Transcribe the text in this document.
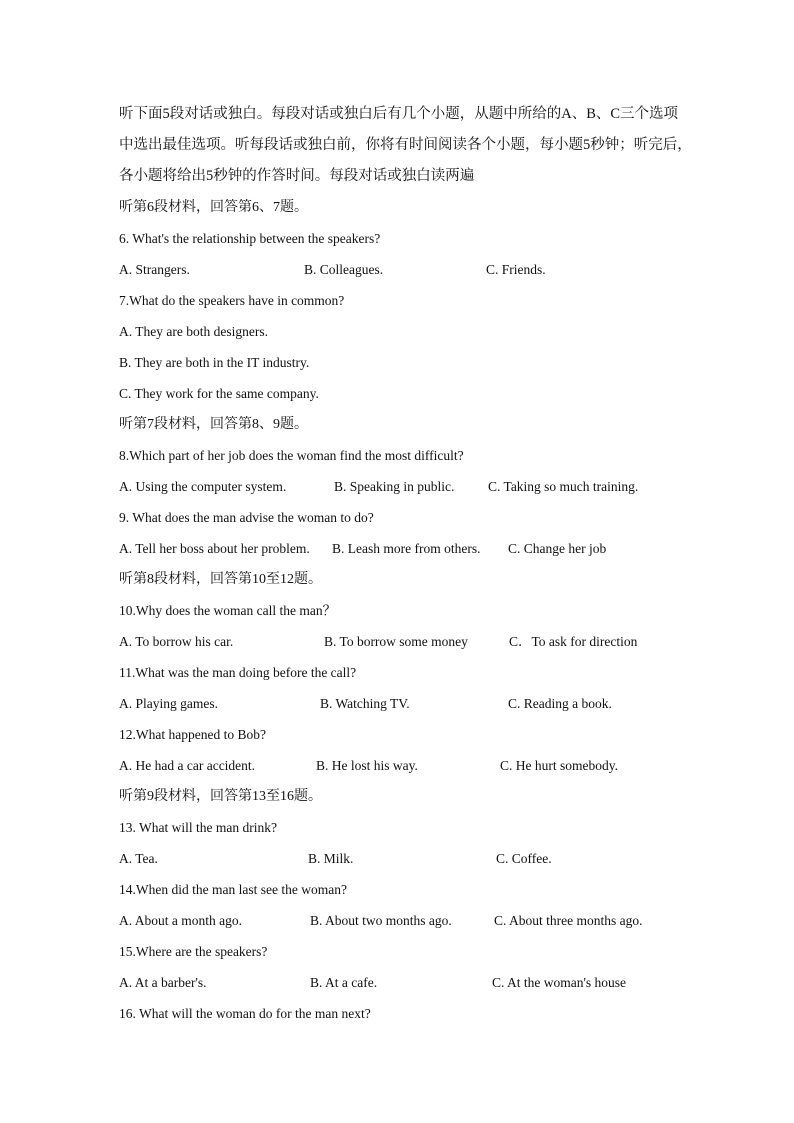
听下面5段对话或独白。每段对话或独白后有几个小题，从题中所给的A、B、C三个选项

中选出最佳选项。听每段话或独白前，你将有时间阅读各个小题，每小题5秒钟；听完后，

各小题将给出5秒钟的作答时间。每段对话或独白读两遍

听第6段材料，回答第6、7题。
6. What's the relationship between the speakers?
A. Strangers.	B. Colleagues.	C. Friends.
7.What do the speakers have in common?
A. They are both designers.
B. They are both in the IT industry.
C. They work for the same company.
听第7段材料，回答第8、9题。
8.Which part of her job does the woman find the most difficult?
A. Using the computer system.	B. Speaking in public. C. Taking so much training.
9. What does the man advise the woman to do?
A. Tell her boss about her problem. B. Leash more from others. C. Change her job
听第8段材料，回答第10至12题。
10.Why does the woman call the man？
A. To borrow his car.	B. To borrow some money	C．To ask for direction
11.What was the man doing before the call?
A. Playing games.	B. Watching TV.	C. Reading a book.
12.What happened to Bob?
A. He had a car accident.	B. He lost his way.	C. He hurt somebody.
听第9段材料，回答第13至16题。
13. What will the man drink?
A. Tea.	B. Milk.	C. Coffee.
14.When did the man last see the woman?
A. About a month ago.	B. About two months ago.	C. About three months ago.
15.Where are the speakers?
A. At a barber's.	B. At a cafe.	C. At the woman's house
16. What will the woman do for the man next?
